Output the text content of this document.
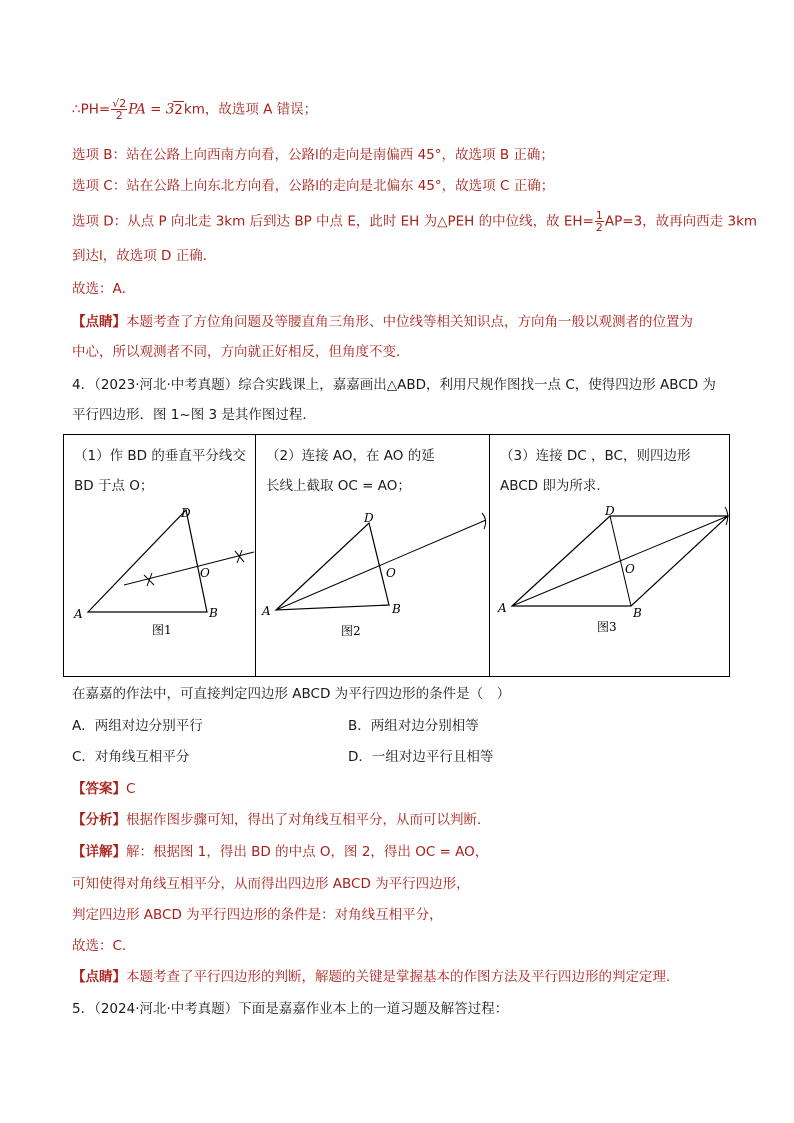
∴PH= $\frac{√2}{2}$ PA = 32km，故选项 A 错误；
选项 B：站在公路上向西南方向看，公路l的走向是南偏西 45°，故选项 B 正确；
选项 C：站在公路上向东北方向看，公路l的走向是北偏东 45°，故选项 C 正确；
选项 D：从点 P 向北走 3km 后到达 BP 中点 E，此时 EH 为△PEH 的中位线，故 $EH= \frac{1}{2} AP=3$，故再向西走 3km
到达l，故选项 D 正确．
故选：A．
【点睛】本题考查了方位角问题及等腰直角三角形、中位线等相关知识点，方向角一般以观测者的位置为
中心，所以观测者不同，方向就正好相反，但角度不变．
4．（2023·河北·中考真题）综合实践课上，嘉嘉画出△ABD，利用尺规作图找一点 C，使得四边形 ABCD 为
平行四边形．图 1~图 3 是其作图过程．
（1）作 BD 的垂直平分线交 BD 于点 O；
A
D
B
O
图1
（2）连接 AO，在 AO 的延长线上截取 OC = AO；
A
D
B
O
图2
（3）连接 DC ，BC，则四边形 ABCD 即为所求．
A
D
B
O
图3
在嘉嘉的作法中，可直接判定四边形 ABCD 为平行四边形的条件是（　）
A．两组对边分别平行	B．两组对边分别相等
C．对角线互相平分	D．一组对边平行且相等
【答案】C
【分析】根据作图步骤可知，得出了对角线互相平分，从而可以判断．
【详解】解：根据图 1，得出 BD 的中点 O，图 2，得出 OC = AO，
可知使得对角线互相平分，从而得出四边形 ABCD 为平行四边形，
判定四边形 ABCD 为平行四边形的条件是：对角线互相平分，
故选：C．
【点睛】本题考查了平行四边形的判断，解题的关键是掌握基本的作图方法及平行四边形的判定定理．
5．（2024·河北·中考真题）下面是嘉嘉作业本上的一道习题及解答过程：
